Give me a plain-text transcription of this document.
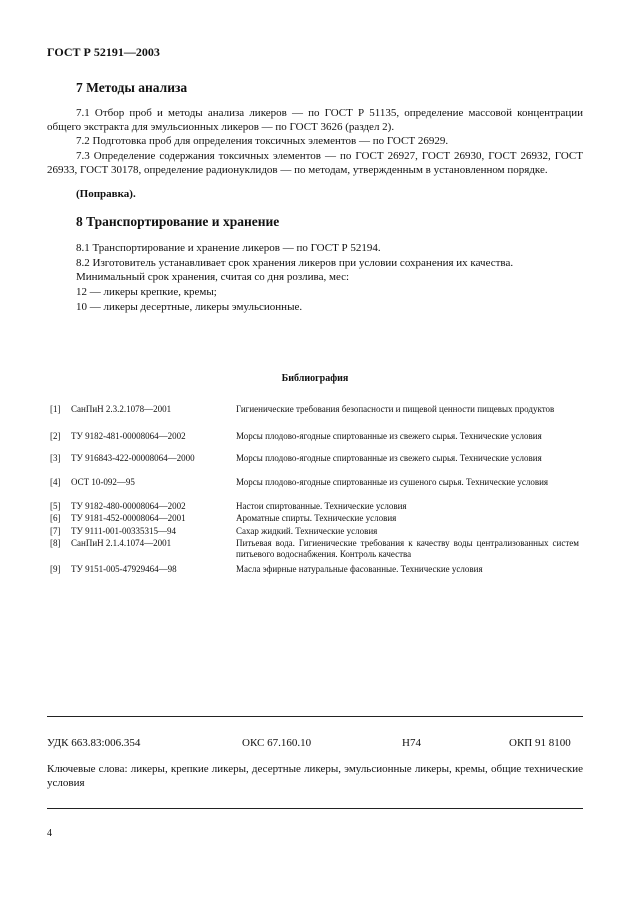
ГОСТ Р 52191—2003
7 Методы анализа
7.1 Отбор проб и методы анализа ликеров — по ГОСТ Р 51135, определение массовой концентрации общего экстракта для эмульсионных ликеров — по ГОСТ 3626 (раздел 2).
7.2 Подготовка проб для определения токсичных элементов — по ГОСТ 26929.
7.3 Определение содержания токсичных элементов — по ГОСТ 26927, ГОСТ 26930, ГОСТ 26932, ГОСТ 26933, ГОСТ 30178, определение радионуклидов — по методам, утвержденным в установленном порядке.
(Поправка).
8 Транспортирование и хранение
8.1 Транспортирование и хранение ликеров — по ГОСТ Р 52194.
8.2 Изготовитель устанавливает срок хранения ликеров при условии сохранения их качества.
Минимальный срок хранения, считая со дня розлива, мес:
12 — ликеры крепкие, кремы;
10 — ликеры десертные, ликеры эмульсионные.
Библиография
[1] СанПиН 2.3.2.1078—2001	Гигиенические требования безопасности и пищевой ценности пищевых продуктов
[2] ТУ 9182-481-00008064—2002	Морсы плодово-ягодные спиртованные из свежего сырья. Технические условия
[3] ТУ 916843-422-00008064—2000	Морсы плодово-ягодные спиртованные из свежего сырья. Технические условия
[4] ОСТ 10-092—95	Морсы плодово-ягодные спиртованные из сушеного сырья. Технические условия
[5] ТУ 9182-480-00008064—2002	Настои спиртованные. Технические условия
[6] ТУ 9181-452-00008064—2001	Ароматные спирты. Технические условия
[7] ТУ 9111-001-00335315—94	Сахар жидкий. Технические условия
[8] СанПиН 2.1.4.1074—2001	Питьевая вода. Гигиенические требования к качеству воды централизованных систем питьевого водоснабжения. Контроль качества
[9] ТУ 9151-005-47929464—98	Масла эфирные натуральные фасованные. Технические условия
УДК 663.83:006.354	ОКС 67.160.10	Н74	ОКП 91 8100
Ключевые слова: ликеры, крепкие ликеры, десертные ликеры, эмульсионные ликеры, кремы, общие технические условия
4
